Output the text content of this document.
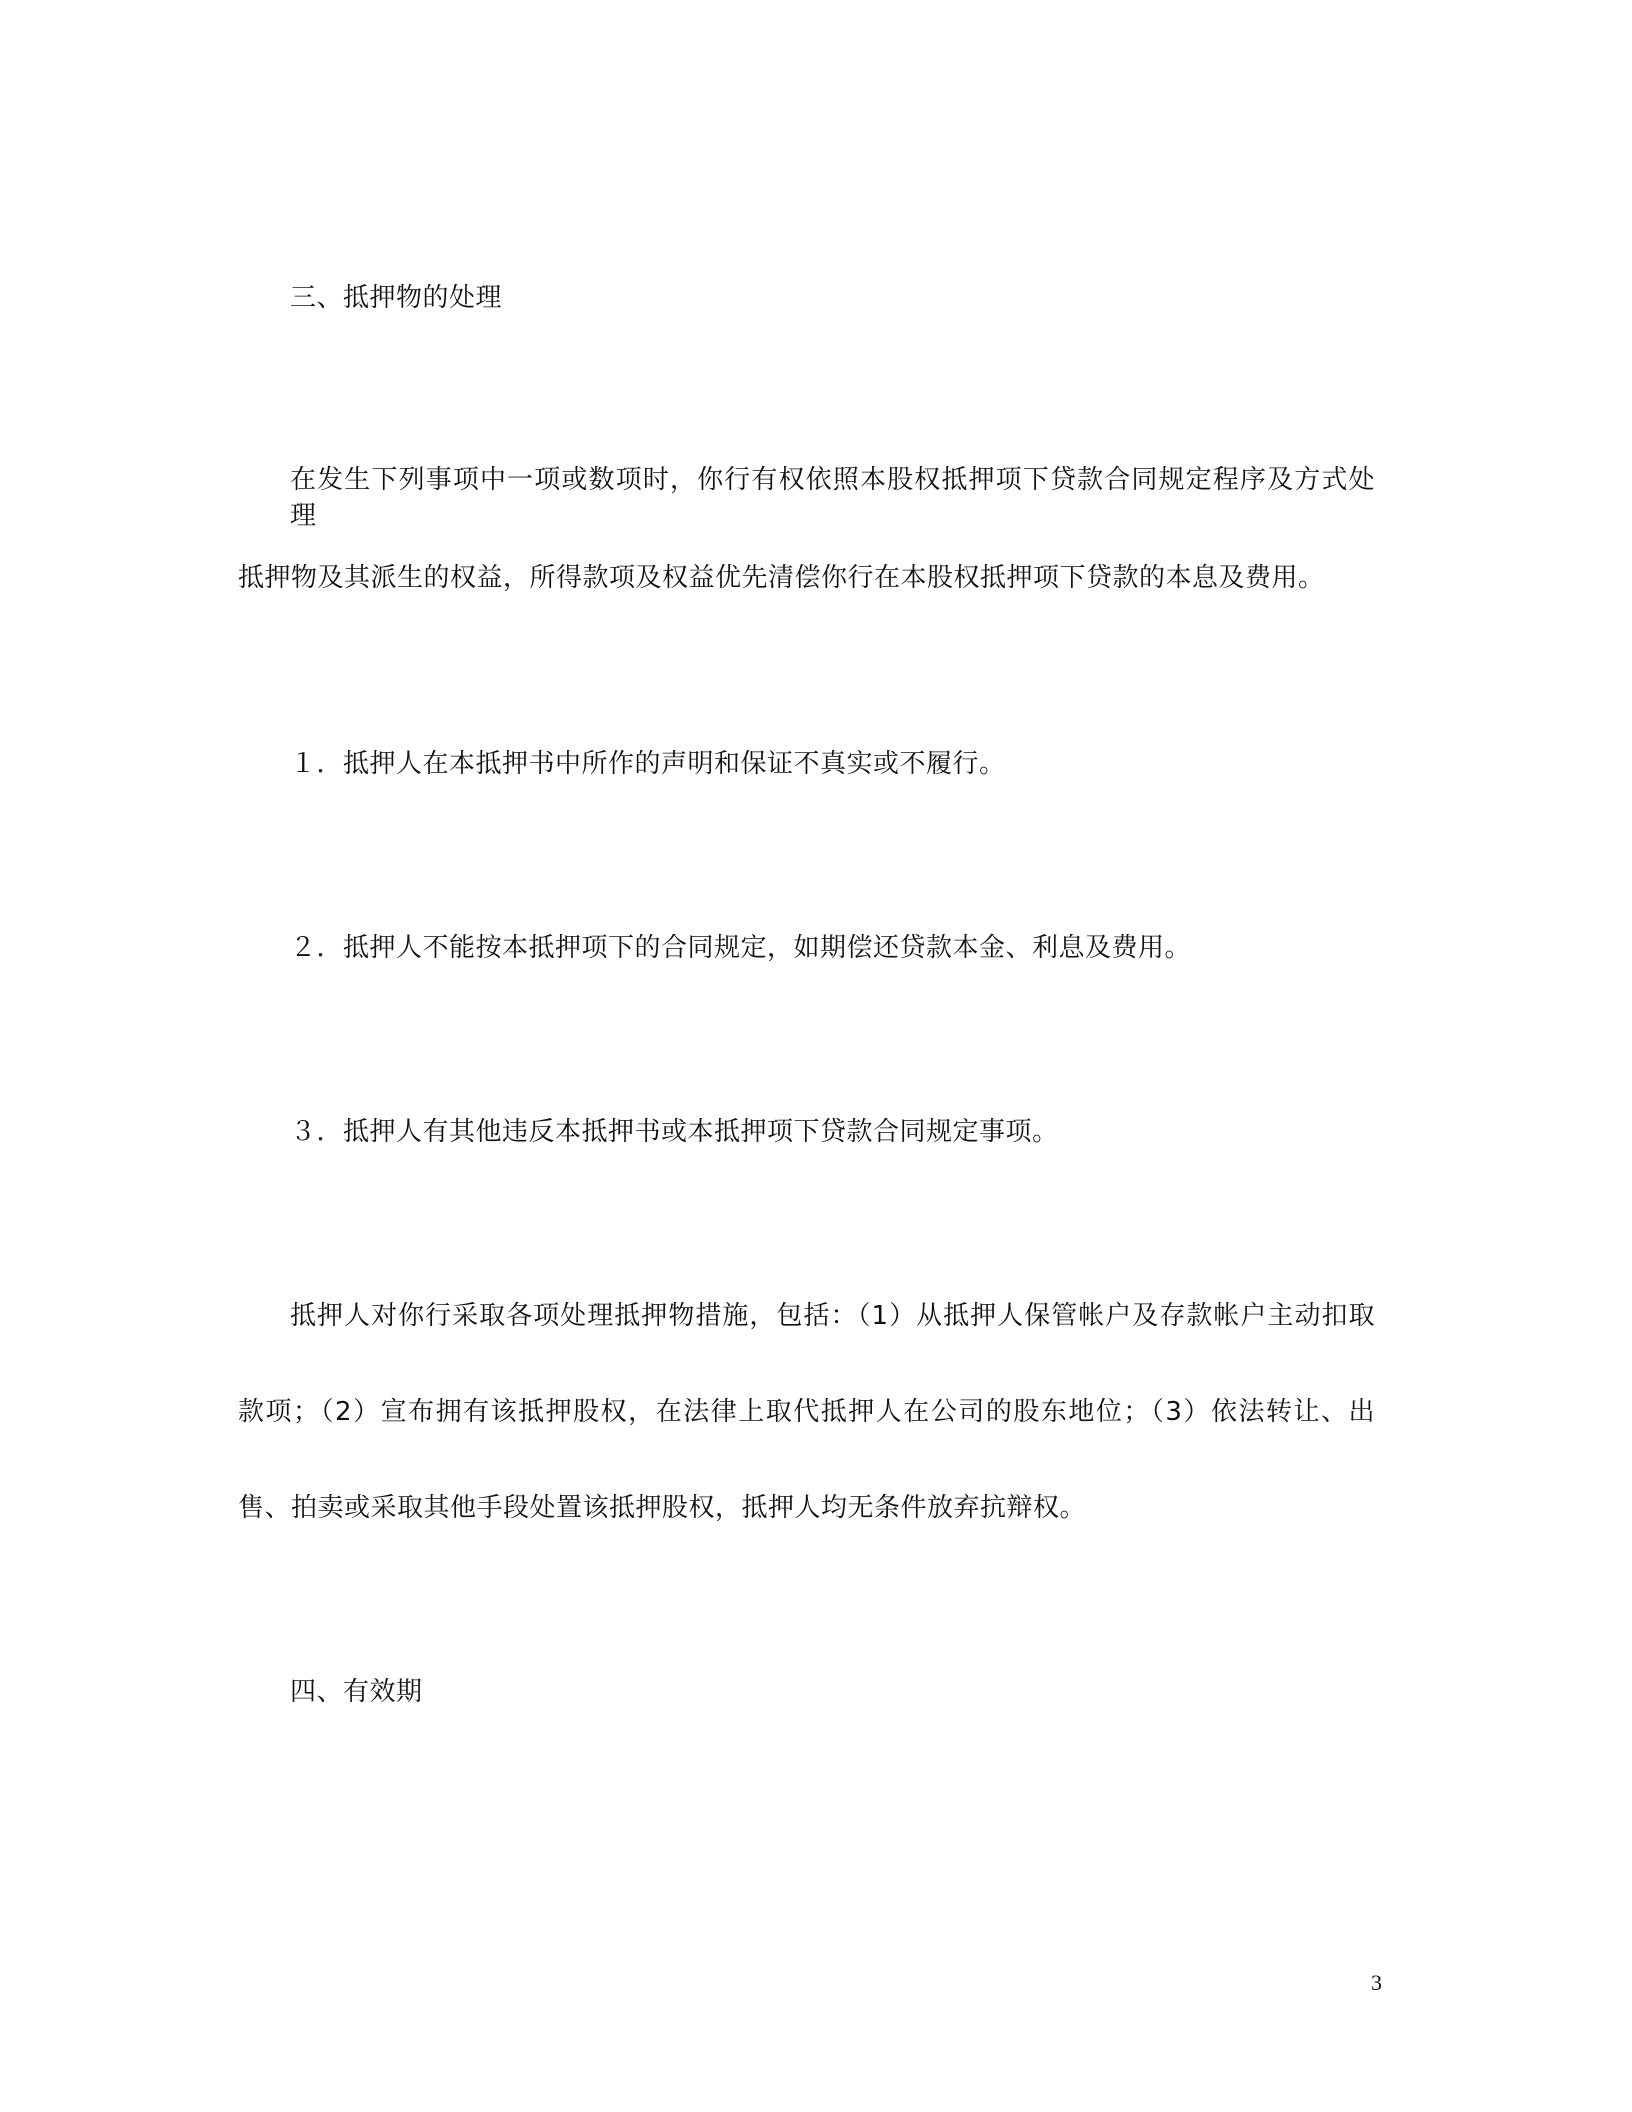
三、抵押物的处理
在发生下列事项中一项或数项时，你行有权依照本股权抵押项下贷款合同规定程序及方式处理
抵押物及其派生的权益，所得款项及权益优先清偿你行在本股权抵押项下贷款的本息及费用。
１．抵押人在本抵押书中所作的声明和保证不真实或不履行。
２．抵押人不能按本抵押项下的合同规定，如期偿还贷款本金、利息及费用。
３．抵押人有其他违反本抵押书或本抵押项下贷款合同规定事项。
抵押人对你行采取各项处理抵押物措施，包括：（1）从抵押人保管帐户及存款帐户主动扣取
款项；（2）宣布拥有该抵押股权，在法律上取代抵押人在公司的股东地位；（3）依法转让、出
售、拍卖或采取其他手段处置该抵押股权，抵押人均无条件放弃抗辩权。
四、有效期
3
